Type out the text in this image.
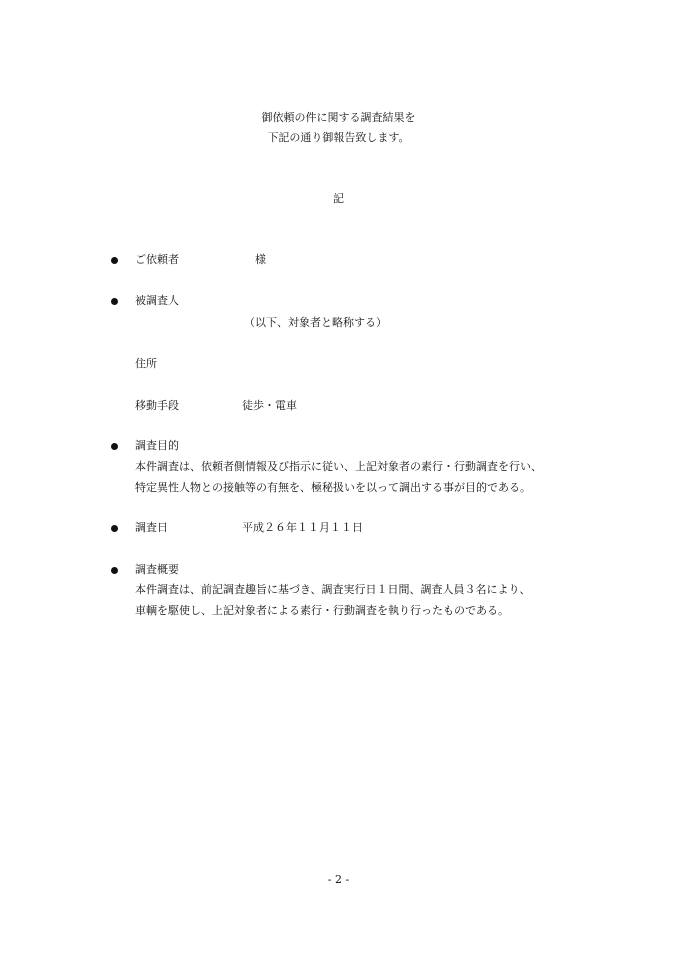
御依頼の件に関する調査結果を
下記の通り御報告致します。
記
ご依頼者	様
被調査人
（以下、対象者と略称する）
住所
移動手段	徒歩・電車
調査目的
本件調査は、依頼者側情報及び指示に従い、上記対象者の素行・行動調査を行い、
特定異性人物との接触等の有無を、極秘扱いを以って調出する事が目的である。
調査日	平成２６年１１月１１日
調査概要
本件調査は、前記調査趣旨に基づき、調査実行日１日間、調査人員３名により、
車輌を駆使し、上記対象者による素行・行動調査を執り行ったものである。
- 2 -
